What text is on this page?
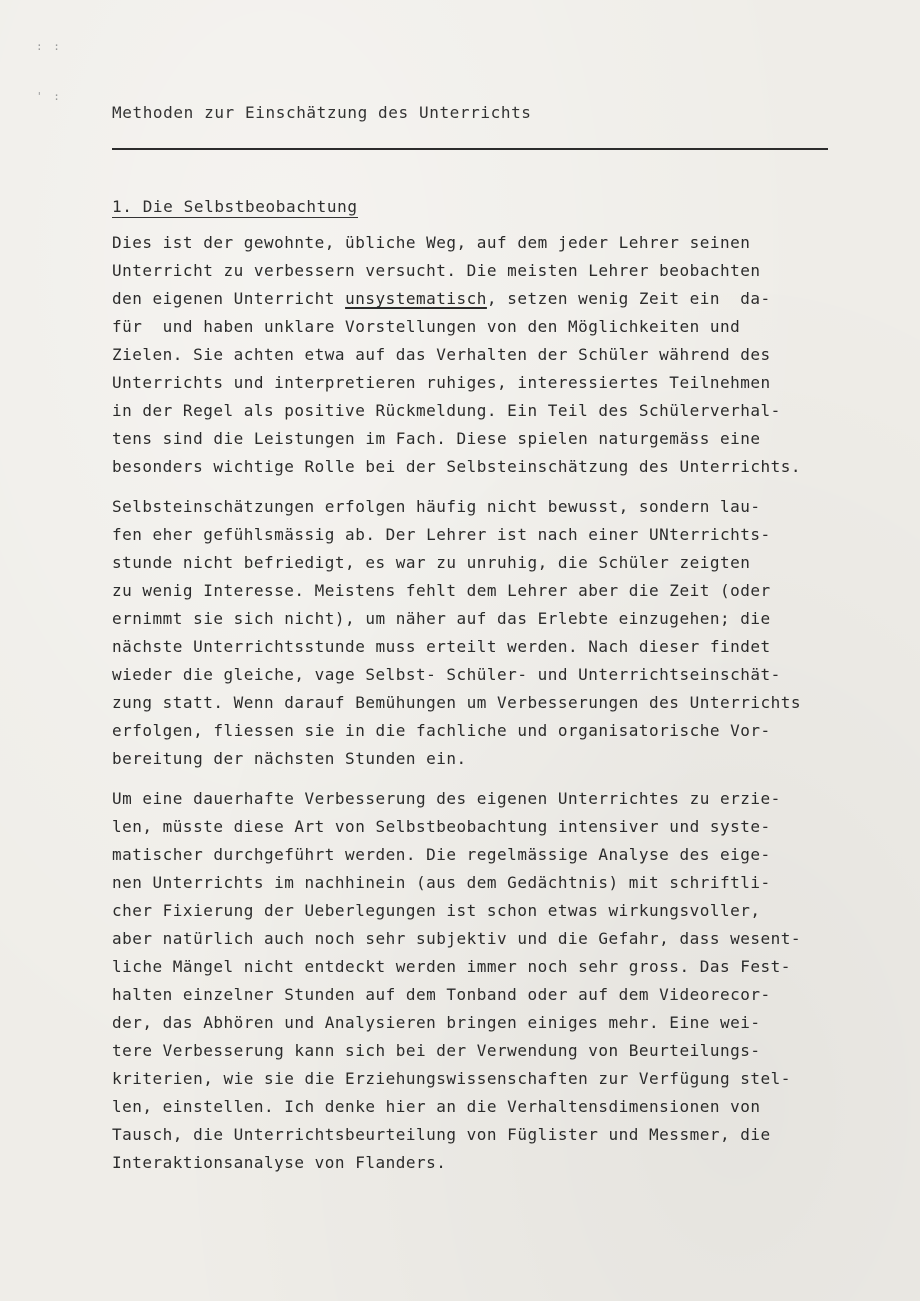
: :
' :
Methoden zur Einschätzung des Unterrichts
1. Die Selbstbeobachtung
Dies ist der gewohnte, übliche Weg, auf dem jeder Lehrer seinen
Unterricht zu verbessern versucht. Die meisten Lehrer beobachten
den eigenen Unterricht unsystematisch, setzen wenig Zeit ein  da-
für  und haben unklare Vorstellungen von den Möglichkeiten und
Zielen. Sie achten etwa auf das Verhalten der Schüler während des
Unterrichts und interpretieren ruhiges, interessiertes Teilnehmen
in der Regel als positive Rückmeldung. Ein Teil des Schülerverhal-
tens sind die Leistungen im Fach. Diese spielen naturgemäss eine
besonders wichtige Rolle bei der Selbsteinschätzung des Unterrichts.
Selbsteinschätzungen erfolgen häufig nicht bewusst, sondern lau-
fen eher gefühlsmässig ab. Der Lehrer ist nach einer UNterrichts-
stunde nicht befriedigt, es war zu unruhig, die Schüler zeigten
zu wenig Interesse. Meistens fehlt dem Lehrer aber die Zeit (oder
ernimmt sie sich nicht), um näher auf das Erlebte einzugehen; die
nächste Unterrichtsstunde muss erteilt werden. Nach dieser findet
wieder die gleiche, vage Selbst- Schüler- und Unterrichtseinschät-
zung statt. Wenn darauf Bemühungen um Verbesserungen des Unterrichts
erfolgen, fliessen sie in die fachliche und organisatorische Vor-
bereitung der nächsten Stunden ein.
Um eine dauerhafte Verbesserung des eigenen Unterrichtes zu erzie-
len, müsste diese Art von Selbstbeobachtung intensiver und syste-
matischer durchgeführt werden. Die regelmässige Analyse des eige-
nen Unterrichts im nachhinein (aus dem Gedächtnis) mit schriftli-
cher Fixierung der Ueberlegungen ist schon etwas wirkungsvoller,
aber natürlich auch noch sehr subjektiv und die Gefahr, dass wesent-
liche Mängel nicht entdeckt werden immer noch sehr gross. Das Fest-
halten einzelner Stunden auf dem Tonband oder auf dem Videorecor-
der, das Abhören und Analysieren bringen einiges mehr. Eine wei-
tere Verbesserung kann sich bei der Verwendung von Beurteilungs-
kriterien, wie sie die Erziehungswissenschaften zur Verfügung stel-
len, einstellen. Ich denke hier an die Verhaltensdimensionen von
Tausch, die Unterrichtsbeurteilung von Füglister und Messmer, die
Interaktionsanalyse von Flanders.
